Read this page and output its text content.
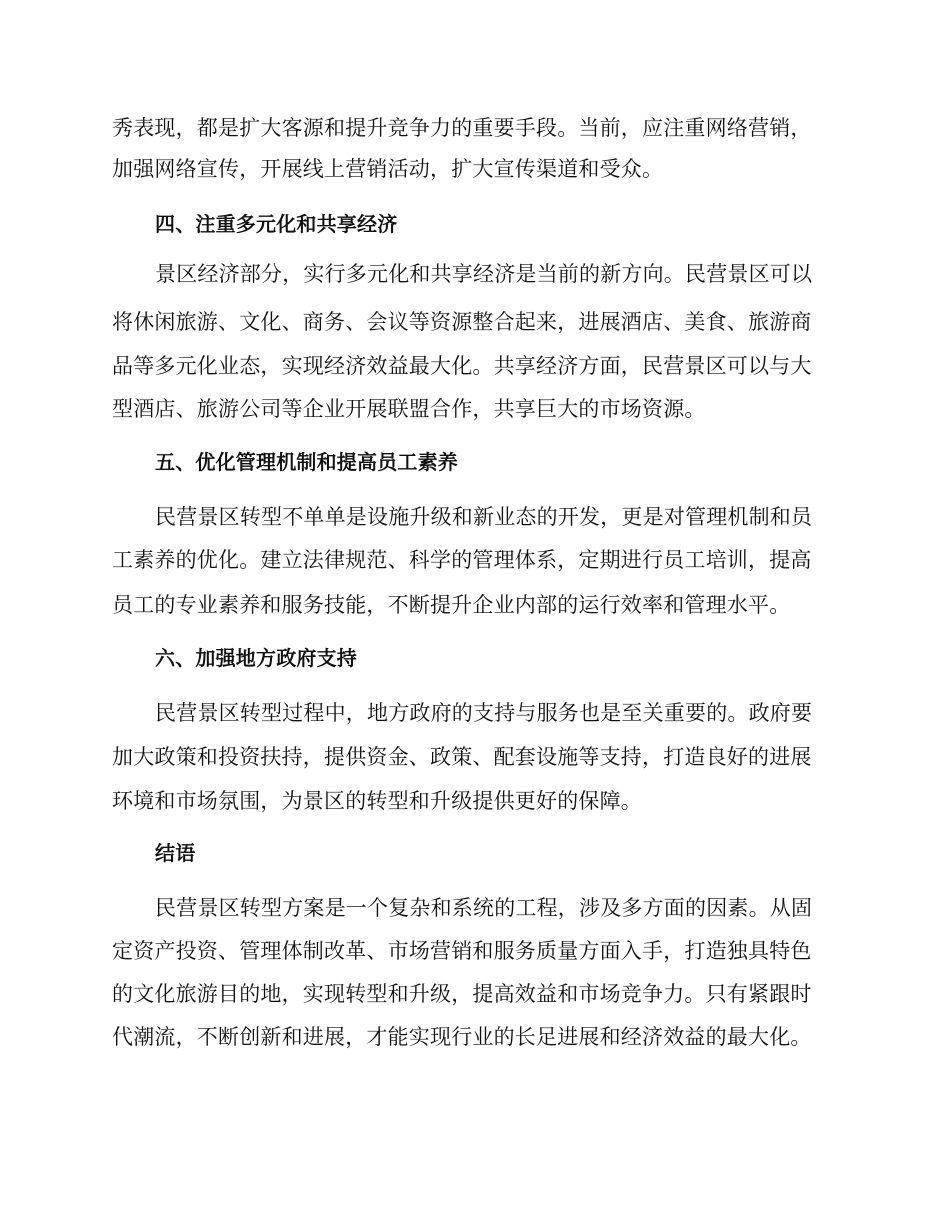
秀表现，都是扩大客源和提升竞争力的重要手段。当前，应注重网络营销，
加强网络宣传，开展线上营销活动，扩大宣传渠道和受众。
四、注重多元化和共享经济
景区经济部分，实行多元化和共享经济是当前的新方向。民营景区可以
将休闲旅游、文化、商务、会议等资源整合起来，进展酒店、美食、旅游商
品等多元化业态，实现经济效益最大化。共享经济方面，民营景区可以与大
型酒店、旅游公司等企业开展联盟合作，共享巨大的市场资源。
五、优化管理机制和提高员工素养
民营景区转型不单单是设施升级和新业态的开发，更是对管理机制和员
工素养的优化。建立法律规范、科学的管理体系，定期进行员工培训，提高
员工的专业素养和服务技能，不断提升企业内部的运行效率和管理水平。
六、加强地方政府支持
民营景区转型过程中，地方政府的支持与服务也是至关重要的。政府要
加大政策和投资扶持，提供资金、政策、配套设施等支持，打造良好的进展
环境和市场氛围，为景区的转型和升级提供更好的保障。
结语
民营景区转型方案是一个复杂和系统的工程，涉及多方面的因素。从固
定资产投资、管理体制改革、市场营销和服务质量方面入手，打造独具特色
的文化旅游目的地，实现转型和升级，提高效益和市场竞争力。只有紧跟时
代潮流，不断创新和进展，才能实现行业的长足进展和经济效益的最大化。
